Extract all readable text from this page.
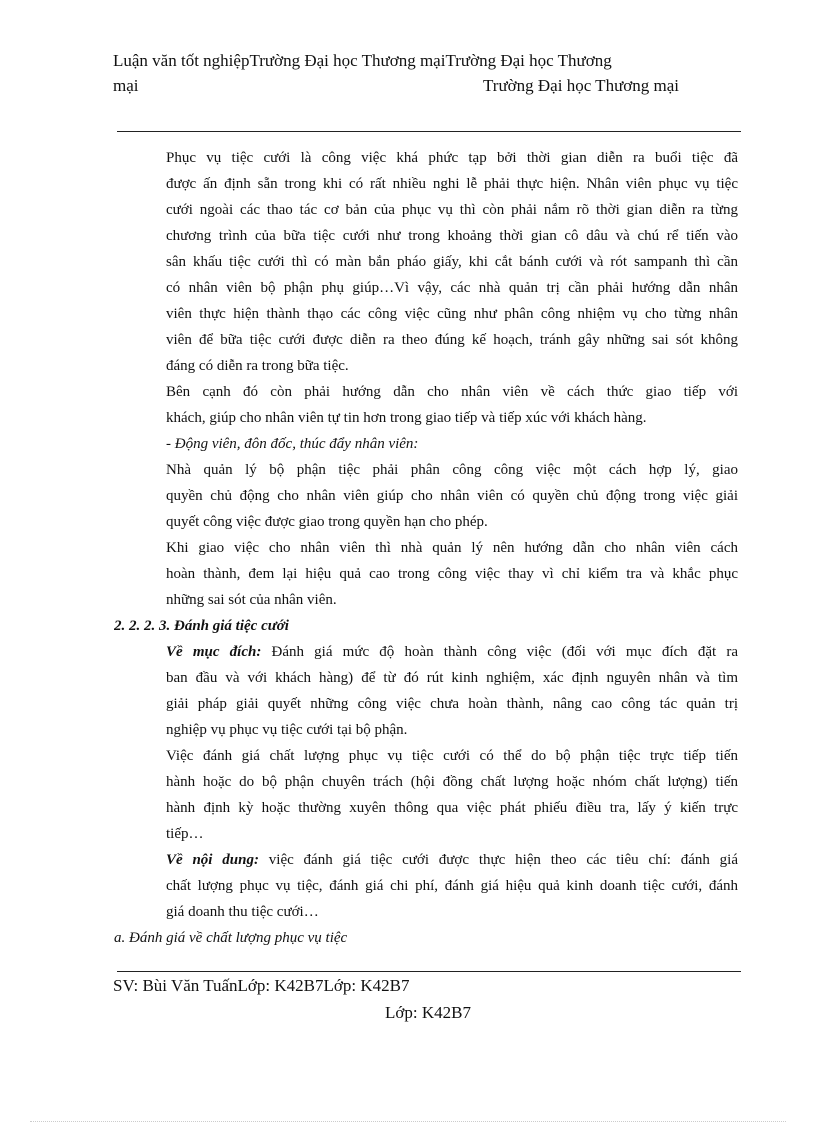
Luận văn tốt nghiệpTrường Đại học Thương mạiTrường Đại học Thương
mại	Trường Đại học Thương mại
Phục vụ tiệc cưới là công việc khá phức tạp bởi thời gian diễn ra buổi tiệc đã
được ấn định sẵn trong khi có rất nhiều nghi lễ phải thực hiện. Nhân viên phục vụ tiệc
cưới ngoài các thao tác cơ bản của phục vụ thì còn phải nắm rõ thời gian diễn ra từng
chương trình của bữa tiệc cưới như trong khoảng thời gian cô dâu và chú rể tiến vào
sân khấu tiệc cưới thì có màn bắn pháo giấy, khi cắt bánh cưới và rót sampanh thì cần
có nhân viên bộ phận phụ giúp…Vì vậy, các nhà quản trị cần phải hướng dẫn nhân
viên thực hiện thành thạo các công việc cũng như phân công nhiệm vụ cho từng nhân
viên để bữa tiệc cưới được diễn ra theo đúng kế hoạch, tránh gây những sai sót không
đáng có diễn ra trong bữa tiệc.
Bên cạnh đó còn phải hướng dẫn cho nhân viên về cách thức giao tiếp với
khách, giúp cho nhân viên tự tin hơn trong giao tiếp và tiếp xúc với khách hàng.
- Động viên, đôn đốc, thúc đẩy nhân viên:
Nhà quản lý bộ phận tiệc phải phân công công việc một cách hợp lý, giao
quyền chủ động cho nhân viên giúp cho nhân viên có quyền chủ động trong việc giải
quyết công việc được giao trong quyền hạn cho phép.
Khi giao việc cho nhân viên thì nhà quản lý nên hướng dẫn cho nhân viên cách
hoàn thành, đem lại hiệu quả cao trong công việc thay vì chỉ kiểm tra và khắc phục
những sai sót của nhân viên.
2. 2. 2. 3. Đánh giá tiệc cưới
Về mục đích: Đánh giá mức độ hoàn thành công việc (đối với mục đích đặt ra
ban đầu và với khách hàng) để từ đó rút kinh nghiệm, xác định nguyên nhân và tìm
giải pháp giải quyết những công việc chưa hoàn thành, nâng cao công tác quản trị
nghiệp vụ phục vụ tiệc cưới tại bộ phận.
Việc đánh giá chất lượng phục vụ tiệc cưới có thể do bộ phận tiệc trực tiếp tiến
hành hoặc do bộ phận chuyên trách (hội đồng chất lượng hoặc nhóm chất lượng) tiến
hành định kỳ hoặc thường xuyên thông qua việc phát phiếu điều tra, lấy ý kiến trực
tiếp…
Về nội dung: việc đánh giá tiệc cưới được thực hiện theo các tiêu chí: đánh giá
chất lượng phục vụ tiệc, đánh giá chi phí, đánh giá hiệu quả kinh doanh tiệc cưới, đánh
giá doanh thu tiệc cưới…
a. Đánh giá về chất lượng phục vụ tiệc
SV: Bùi Văn TuấnLớp: K42B7Lớp: K42B7
Lớp: K42B7
